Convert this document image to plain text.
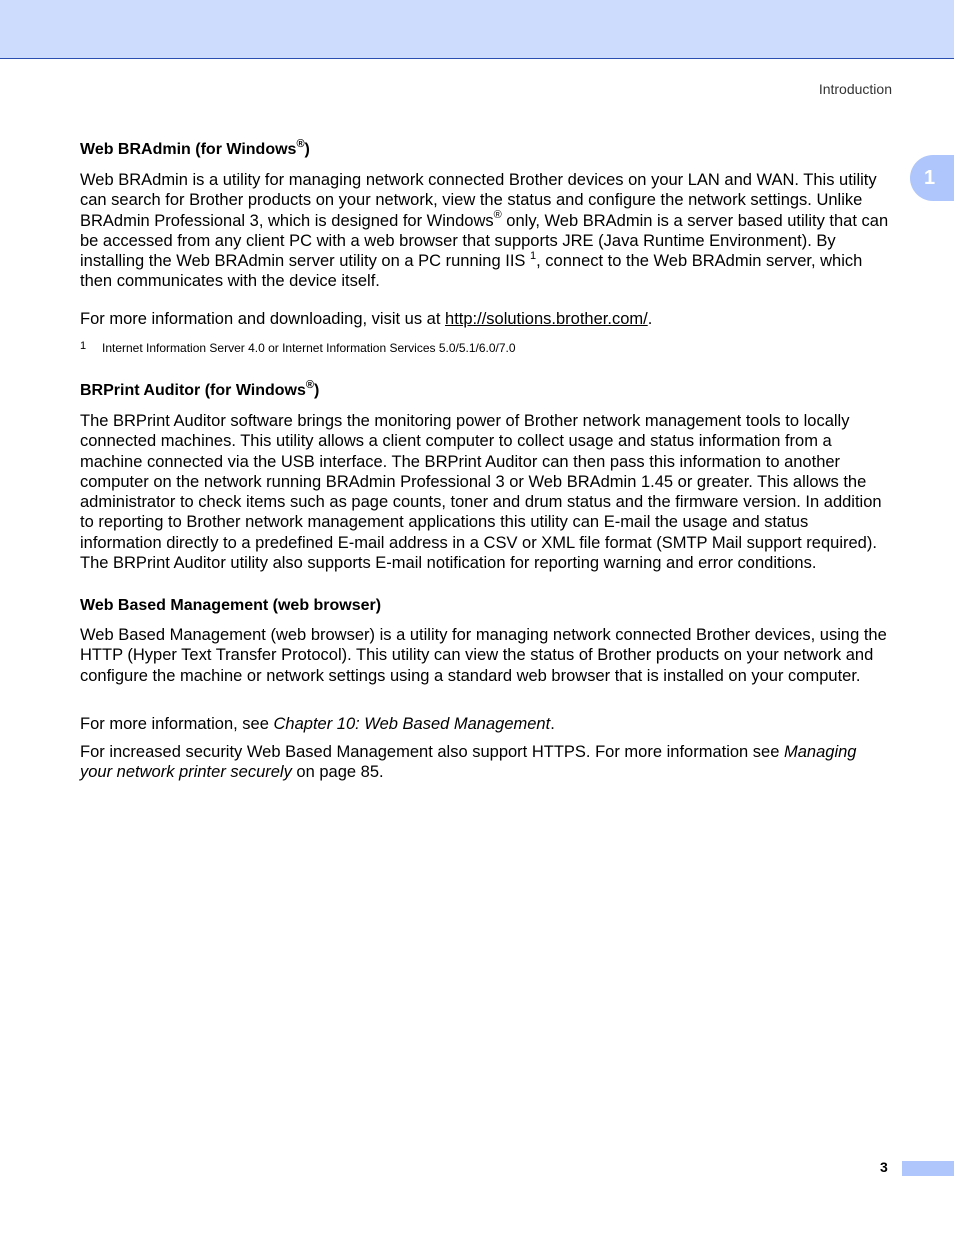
Introduction
1
Web BRAdmin (for Windows®)

Web BRAdmin is a utility for managing network connected Brother devices on your LAN and WAN. This utility can search for Brother products on your network, view the status and configure the network settings. Unlike BRAdmin Professional 3, which is designed for Windows® only, Web BRAdmin is a server based utility that can be accessed from any client PC with a web browser that supports JRE (Java Runtime Environment). By installing the Web BRAdmin server utility on a PC running IIS $^1$, connect to the Web BRAdmin server, which then communicates with the device itself.

For more information and downloading, visit us at http://solutions.brother.com/.

1 Internet Information Server 4.0 or Internet Information Services 5.0/5.1/6.0/7.0
BRPrint Auditor (for Windows®)

The BRPrint Auditor software brings the monitoring power of Brother network management tools to locally connected machines. This utility allows a client computer to collect usage and status information from a machine connected via the USB interface. The BRPrint Auditor can then pass this information to another computer on the network running BRAdmin Professional 3 or Web BRAdmin 1.45 or greater. This allows the administrator to check items such as page counts, toner and drum status and the firmware version. In addition to reporting to Brother network management applications this utility can E-mail the usage and status information directly to a predefined E-mail address in a CSV or XML file format (SMTP Mail support required). The BRPrint Auditor utility also supports E-mail notification for reporting warning and error conditions.

Web Based Management (web browser)

Web Based Management (web browser) is a utility for managing network connected Brother devices, using the HTTP (Hyper Text Transfer Protocol). This utility can view the status of Brother products on your network and configure the machine or network settings using a standard web browser that is installed on your computer.

For more information, see Chapter 10: Web Based Management.

For increased security Web Based Management also support HTTPS. For more information see Managing your network printer securely on page 85.

3
